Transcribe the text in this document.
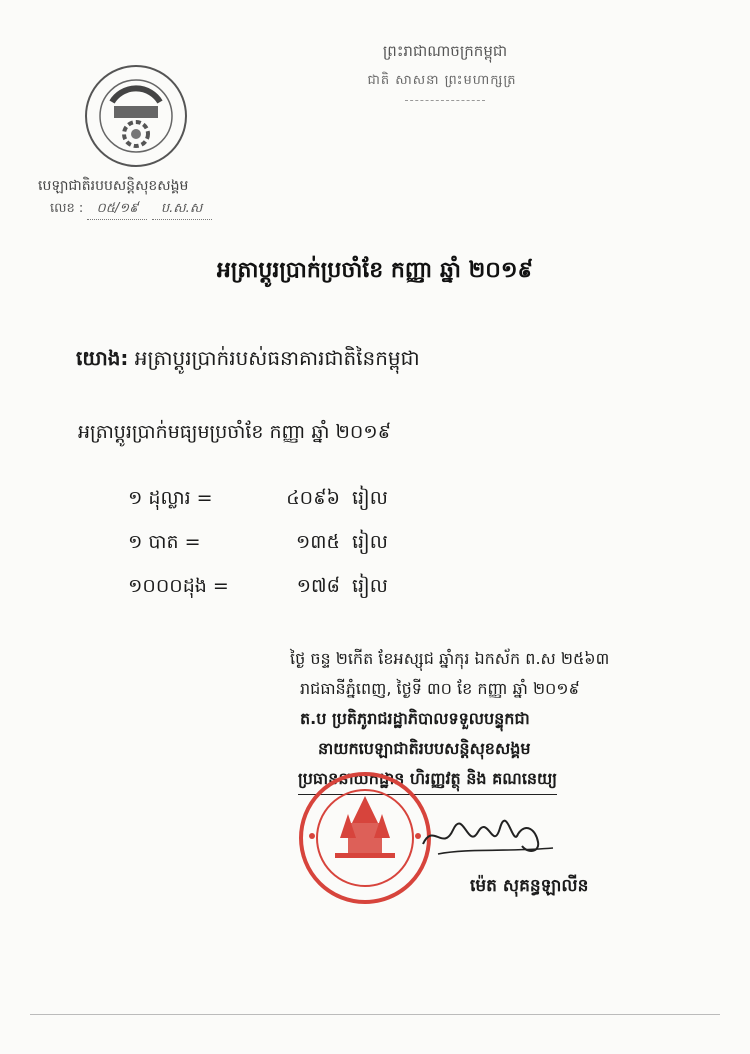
ព្រះរាជាណាចក្រកម្ពុជា
ជាតិ សាសនា ព្រះមហាក្សត្រ
បេឡាជាតិរបបសន្តិសុខសង្គម
លេខ : ០៥/១៩ ប.ស.ស
អត្រាប្តូរប្រាក់ប្រចាំខែ កញ្ញា ឆ្នាំ ២០១៩
យោង: អត្រាប្តូរប្រាក់របស់ធនាគារជាតិនៃកម្ពុជា
អត្រាប្តូរប្រាក់មធ្យមប្រចាំខែ កញ្ញា ឆ្នាំ ២០១៩
១ ដុល្លារ =	៤០៩៦ រៀល
១ បាត =	១៣៥ រៀល
១០០០ដុង =	១៧៨ រៀល
ថ្ងៃ ចន្ទ ២កើត ខែអស្សុជ ឆ្នាំកុរ ឯកស័ក ព.ស ២៥៦៣
រាជធានីភ្នំពេញ, ថ្ងៃទី ៣០ ខែ កញ្ញា ឆ្នាំ ២០១៩
ត.ប ប្រតិភូរាជរដ្ឋាភិបាលទទួលបន្ទុកជា
នាយកបេឡាជាតិរបបសន្តិសុខសង្គម
ប្រធាននាយកដ្ឋាន ហិរញ្ញវត្ថុ និង គណនេយ្យ
ម៉េត សុគន្ធឡាលីន
